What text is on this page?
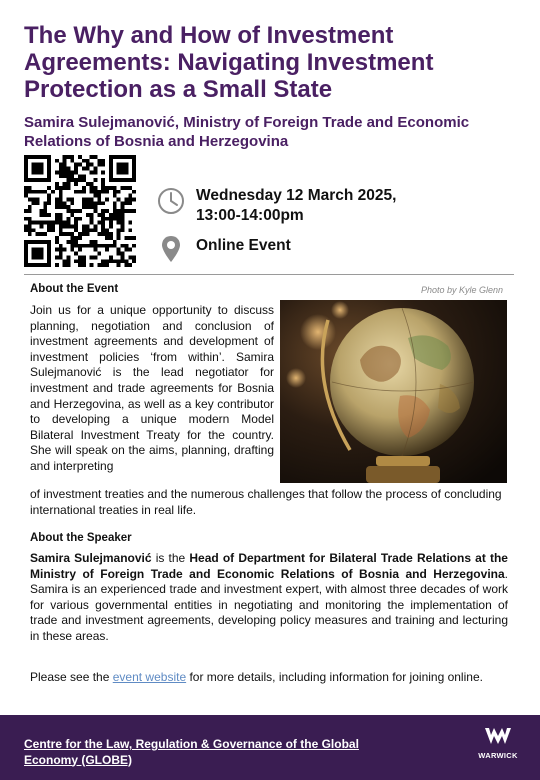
The Why and How of Investment Agreements: Navigating Investment Protection as a Small State
Samira Sulejmanović, Ministry of Foreign Trade and Economic Relations of Bosnia and Herzegovina
Wednesday 12 March 2025,
13:00-14:00pm
Online Event
About the Event	Photo by Kyle Glenn
Join us for a unique opportunity to discuss planning, negotiation and conclusion of investment agreements and development of investment policies ‘from within’. Samira Sulejmanović is the lead negotiator for investment and trade agreements for Bosnia and Herzegovina, as well as a key contributor to developing a unique modern Model Bilateral Investment Treaty for the country. She will speak on the aims, planning, drafting and interpreting
of investment treaties and the numerous challenges that follow the process of concluding international treaties in real life.
About the Speaker
Samira Sulejmanović is the Head of Department for Bilateral Trade Relations at the Ministry of Foreign Trade and Economic Relations of Bosnia and Herzegovina. Samira is an experienced trade and investment expert, with almost three decades of work for various governmental entities in negotiating and monitoring the implementation of trade and investment agreements, developing policy measures and training and lecturing in these areas.
Please see the event website for more details, including information for joining online.
Centre for the Law, Regulation & Governance of the Global Economy (GLOBE)	WARWICK
